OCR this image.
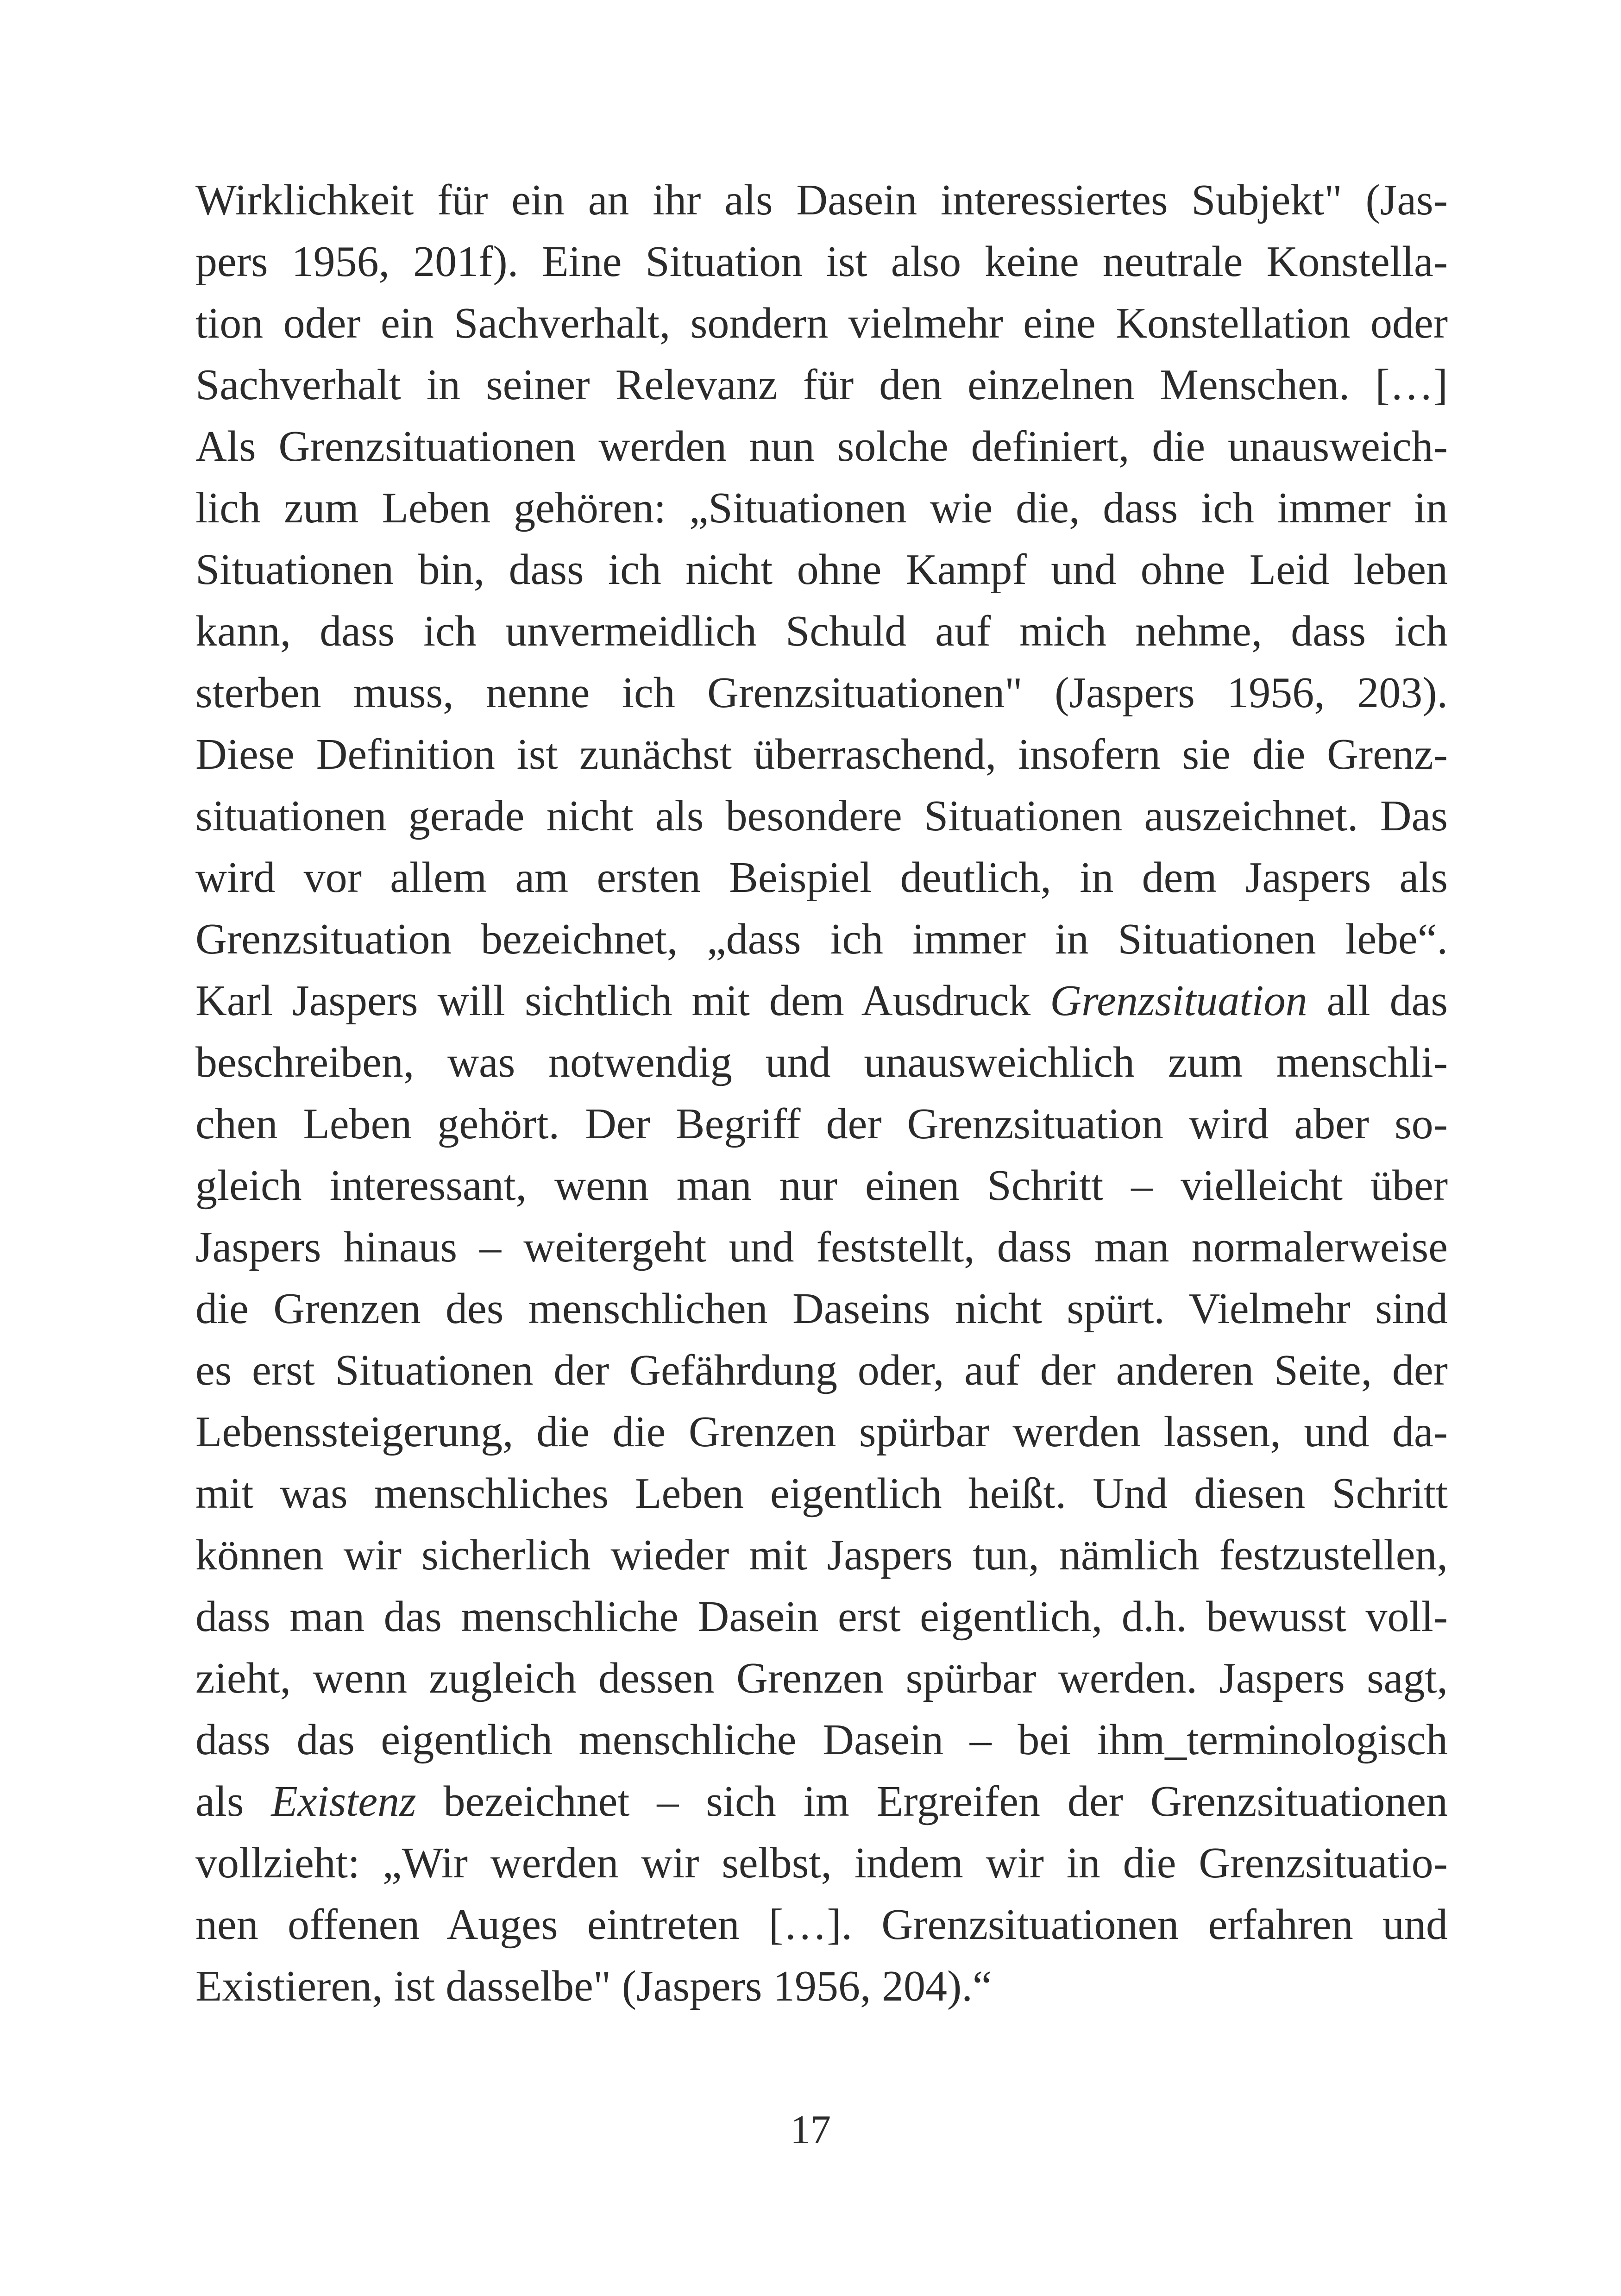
Wirklichkeit für ein an ihr als Dasein interessiertes Subjekt" (Jas-
pers 1956, 201f). Eine Situation ist also keine neutrale Konstella-
tion oder ein Sachverhalt, sondern vielmehr eine Konstellation oder
Sachverhalt in seiner Relevanz für den einzelnen Menschen. […]
Als Grenzsituationen werden nun solche definiert, die unausweich-
lich zum Leben gehören: „Situationen wie die, dass ich immer in
Situationen bin, dass ich nicht ohne Kampf und ohne Leid leben
kann, dass ich unvermeidlich Schuld auf mich nehme, dass ich
sterben muss, nenne ich Grenzsituationen" (Jaspers 1956, 203).
Diese Definition ist zunächst überraschend, insofern sie die Grenz-
situationen gerade nicht als besondere Situationen auszeichnet. Das
wird vor allem am ersten Beispiel deutlich, in dem Jaspers als
Grenzsituation bezeichnet, „dass ich immer in Situationen lebe“.
Karl Jaspers will sichtlich mit dem Ausdruck Grenzsituation all das
beschreiben, was notwendig und unausweichlich zum menschli-
chen Leben gehört. Der Begriff der Grenzsituation wird aber so-
gleich interessant, wenn man nur einen Schritt – vielleicht über
Jaspers hinaus – weitergeht und feststellt, dass man normalerweise
die Grenzen des menschlichen Daseins nicht spürt. Vielmehr sind
es erst Situationen der Gefährdung oder, auf der anderen Seite, der
Lebenssteigerung, die die Grenzen spürbar werden lassen, und da-
mit was menschliches Leben eigentlich heißt. Und diesen Schritt
können wir sicherlich wieder mit Jaspers tun, nämlich festzustellen,
dass man das menschliche Dasein erst eigentlich, d.h. bewusst voll-
zieht, wenn zugleich dessen Grenzen spürbar werden. Jaspers sagt,
dass das eigentlich menschliche Dasein – bei ihm_terminologisch
als Existenz bezeichnet – sich im Ergreifen der Grenzsituationen
vollzieht: „Wir werden wir selbst, indem wir in die Grenzsituatio-
nen offenen Auges eintreten […]. Grenzsituationen erfahren und
Existieren, ist dasselbe" (Jaspers 1956, 204).“
17
